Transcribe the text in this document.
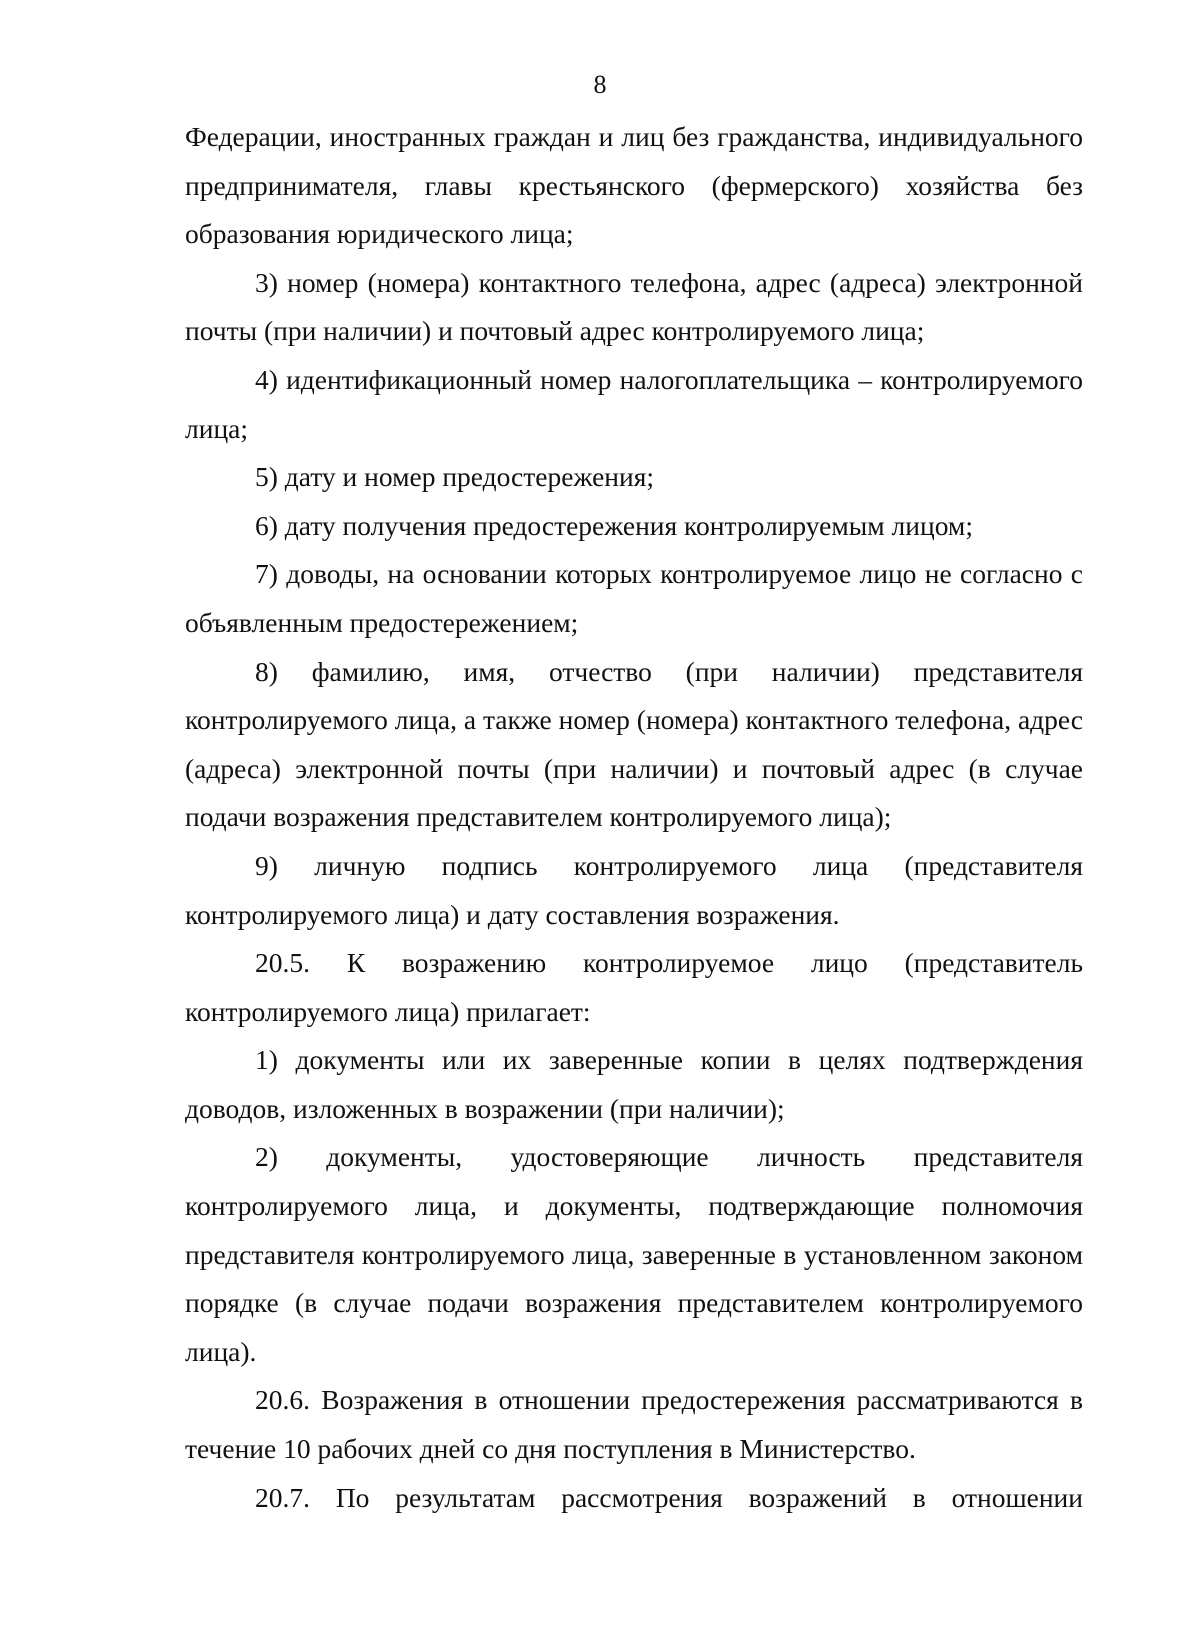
8

Федерации, иностранных граждан и лиц без гражданства, индивидуального предпринимателя, главы крестьянского (фермерского) хозяйства без образования юридического лица;

3) номер (номера) контактного телефона, адрес (адреса) электронной почты (при наличии) и почтовый адрес контролируемого лица;

4) идентификационный номер налогоплательщика – контролируемого лица;

5) дату и номер предостережения;

6) дату получения предостережения контролируемым лицом;

7) доводы, на основании которых контролируемое лицо не согласно с объявленным предостережением;

8) фамилию, имя, отчество (при наличии) представителя контролируемого лица, а также номер (номера) контактного телефона, адрес (адреса) электронной почты (при наличии) и почтовый адрес (в случае подачи возражения представителем контролируемого лица);

9) личную подпись контролируемого лица (представителя контролируемого лица) и дату составления возражения.

20.5. К возражению контролируемое лицо (представитель контролируемого лица) прилагает:

1) документы или их заверенные копии в целях подтверждения доводов, изложенных в возражении (при наличии);

2) документы, удостоверяющие личность представителя контролируемого лица, и документы, подтверждающие полномочия представителя контролируемого лица, заверенные в установленном законом порядке (в случае подачи возражения представителем контролируемого лица).

20.6. Возражения в отношении предостережения рассматриваются в течение 10 рабочих дней со дня поступления в Министерство.

20.7. По результатам рассмотрения возражений в отношении
